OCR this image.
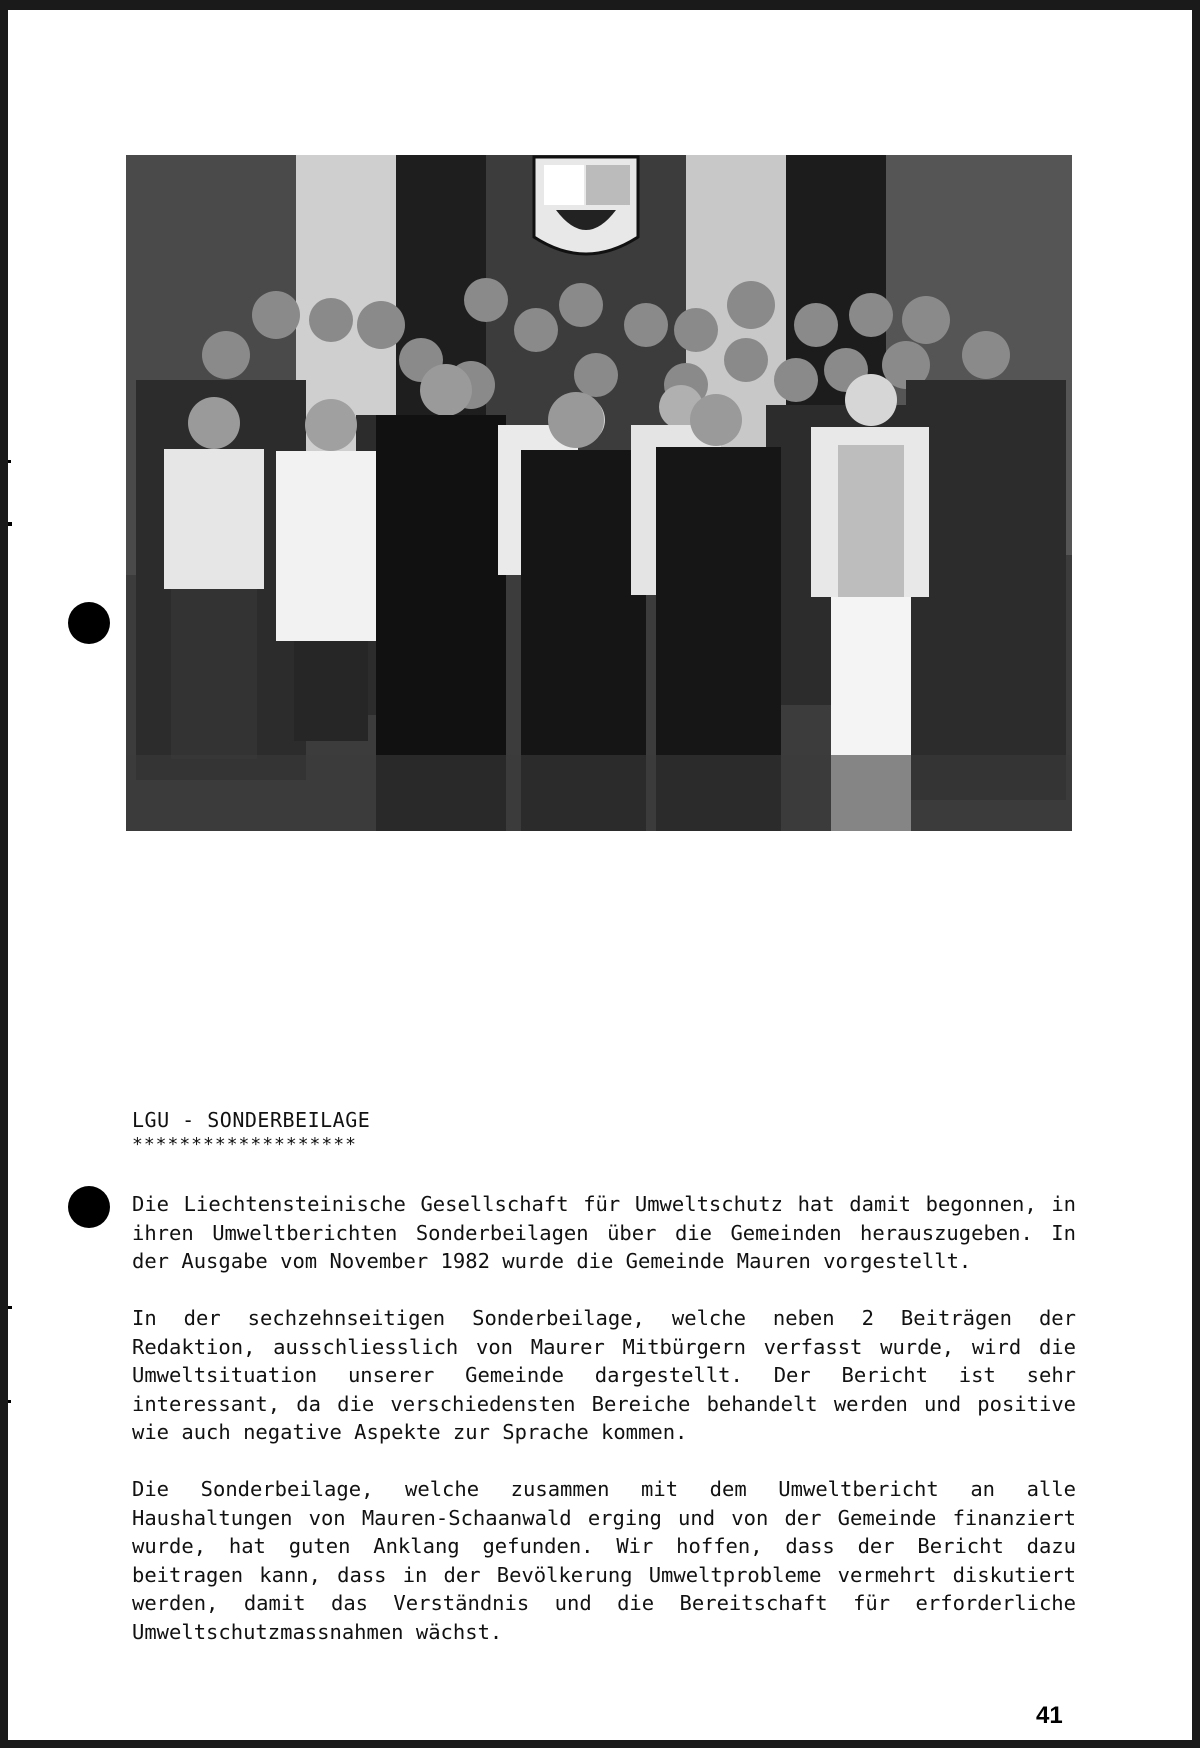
LGU - SONDERBEILAGE
*******************

Die Liechtensteinische Gesellschaft für Umweltschutz hat damit begonnen, in ihren Umweltberichten Sonderbeilagen über die Gemeinden herauszugeben. In der Ausgabe vom November 1982 wurde die Gemeinde Mauren vorgestellt.

In der sechzehnseitigen Sonderbeilage, welche neben 2 Beiträgen der Redaktion, ausschliesslich von Maurer Mitbürgern verfasst wurde, wird die Umweltsituation unserer Gemeinde dargestellt. Der Bericht ist sehr interessant, da die verschiedensten Bereiche behandelt werden und positive wie auch negative Aspekte zur Sprache kommen.

Die Sonderbeilage, welche zusammen mit dem Umweltbericht an alle Haushaltungen von Mauren-Schaanwald erging und von der Gemeinde finanziert wurde, hat guten Anklang gefunden. Wir hoffen, dass der Bericht dazu beitragen kann, dass in der Bevölkerung Umweltprobleme vermehrt diskutiert werden, damit das Verständnis und die Bereitschaft für erforderliche Umweltschutzmassnahmen wächst.

41
